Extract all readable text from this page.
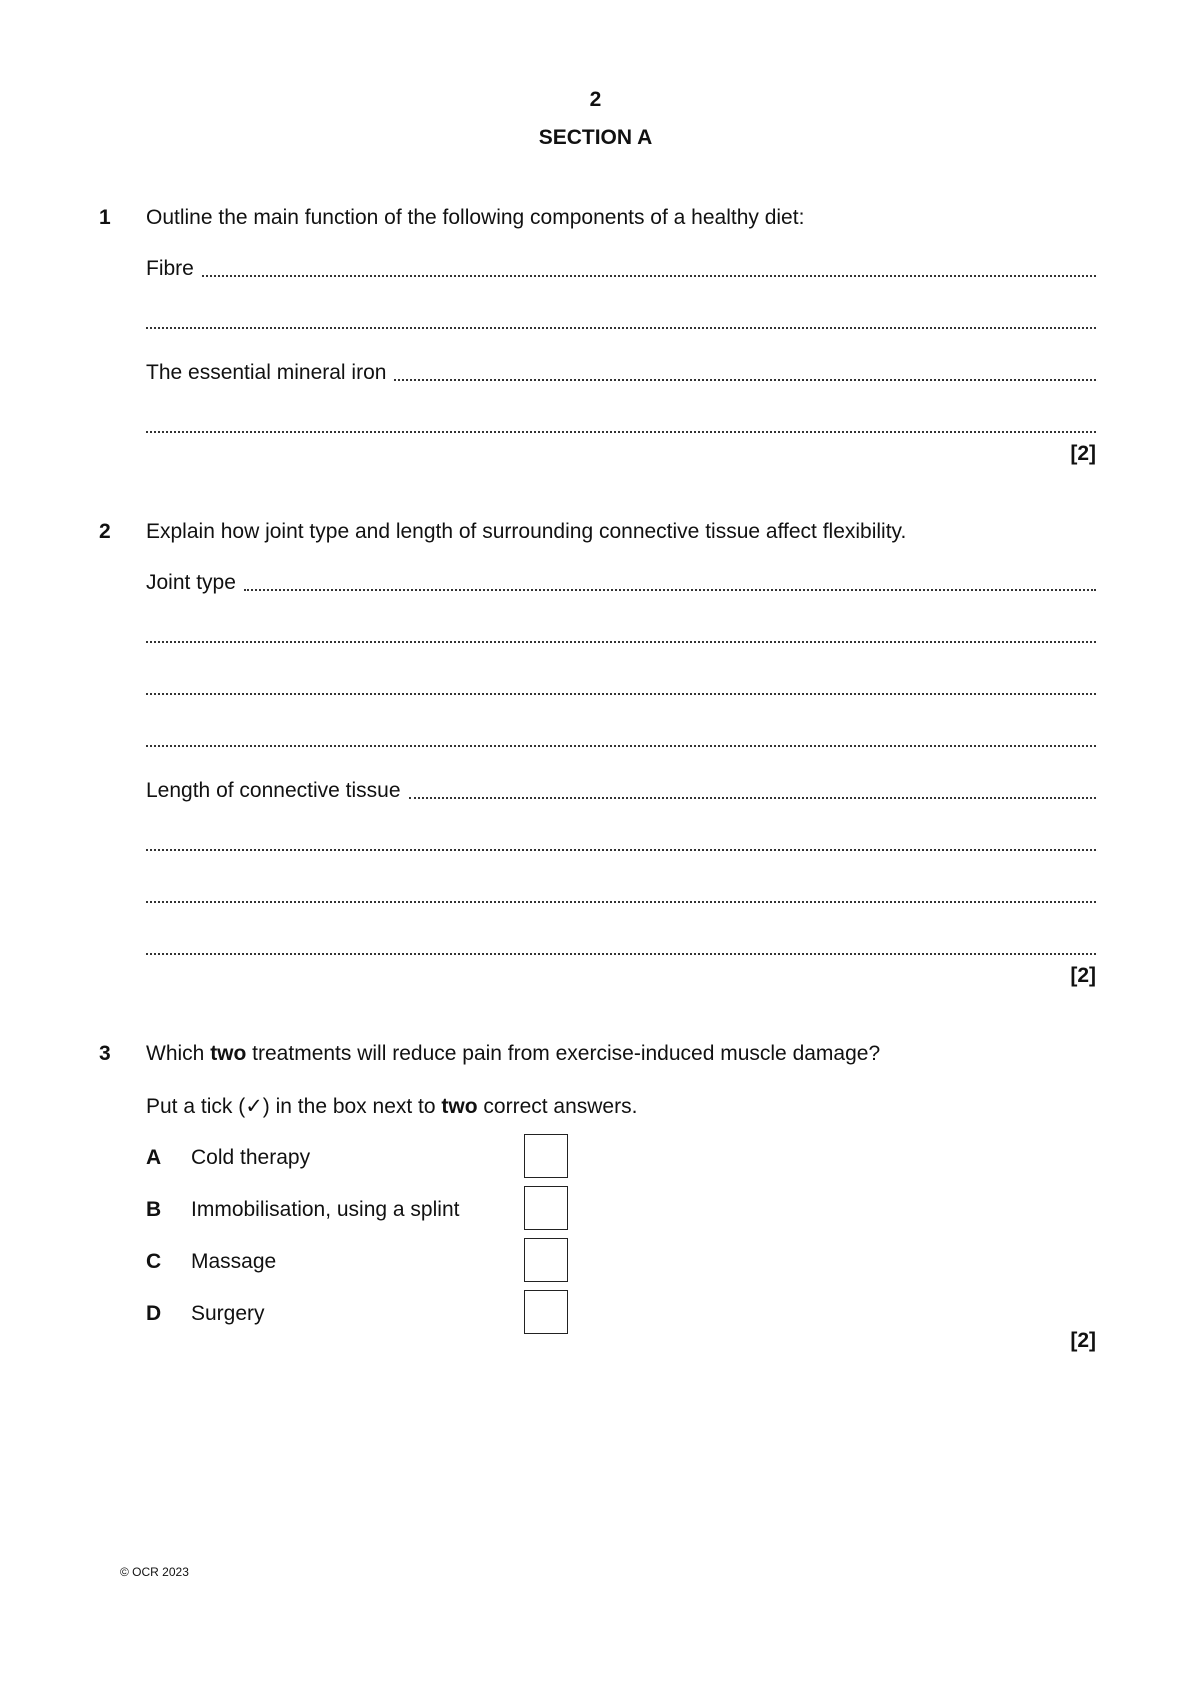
2
SECTION A
1 Outline the main function of the following components of a healthy diet:
Fibre
The essential mineral iron
[2]
2 Explain how joint type and length of surrounding connective tissue affect flexibility.
Joint type
Length of connective tissue
[2]
3 Which two treatments will reduce pain from exercise-induced muscle damage?
Put a tick (✓) in the box next to two correct answers.
A Cold therapy
B Immobilisation, using a splint
C Massage
D Surgery
[2]
© OCR 2023
